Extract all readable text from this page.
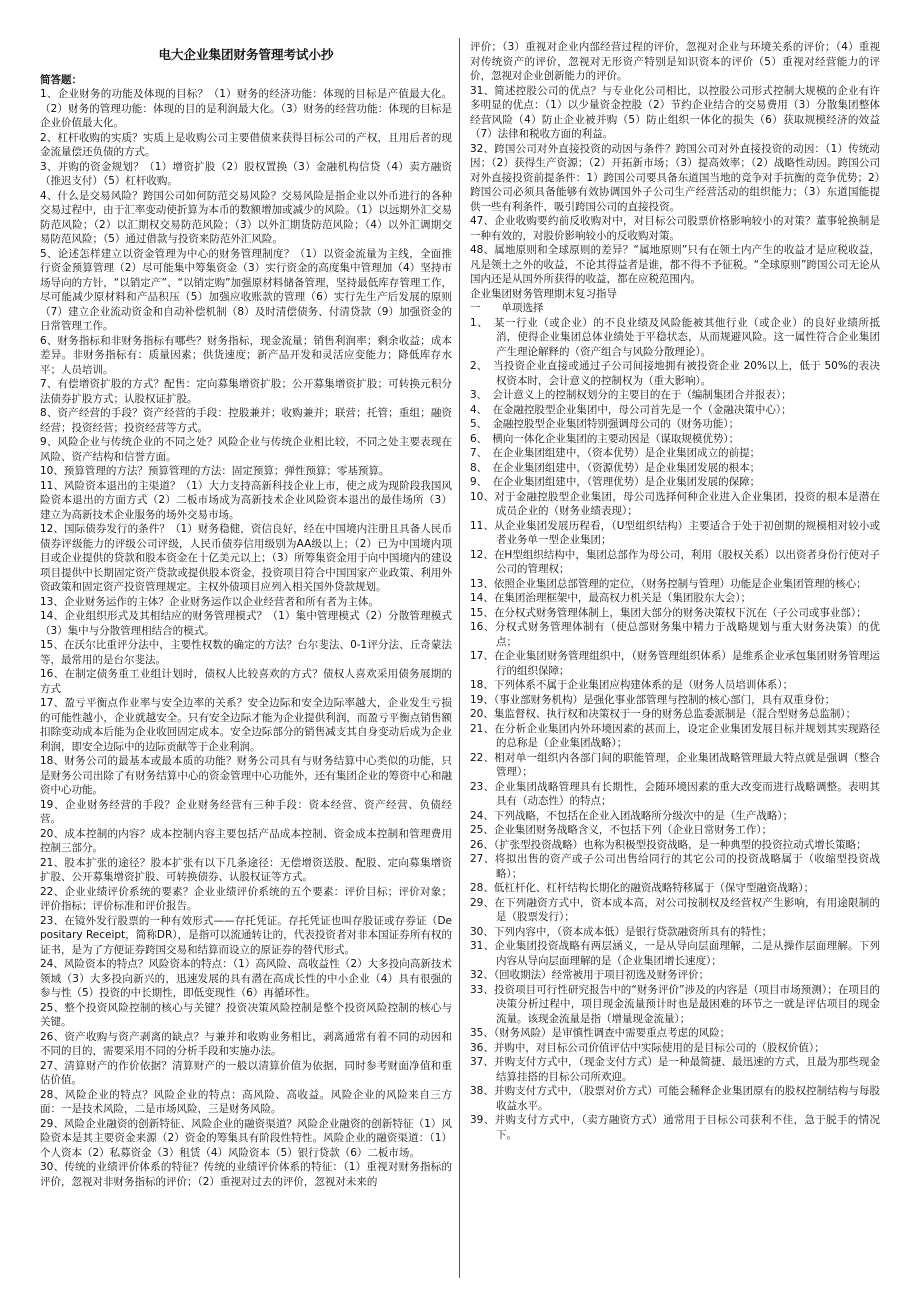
电大企业集团财务管理考试小抄
简答题：
1、企业财务的功能及体现的目标？（1）财务的经济功能：体现的目标是产值最大化。（2）财务的管理功能：体现的目的是利润最大化。（3）财务的经营功能：体现的目标是企业价值最大化。
2、杠杆收购的实质？实质上是收购公司主要借债来获得目标公司的产权，且用后者的现金流量偿还负债的方式。
3、并购的资金规划？（1）增资扩股（2）股权置换（3）金融机构信贷（4）卖方融资（推迟支付）（5）杠杆收购。
4、什么是交易风险？跨国公司如何防范交易风险？交易风险是指企业以外币进行的各种交易过程中，由于汇率变动使折算为本币的数额增加或减少的风险。（1）以远期外汇交易防范风险；（2）以汇期权交易防范风险；（3）以外汇期货防范风险；（4）以外汇调期交易防范风险；（5）通过借款与投资来防范外汇风险。
5、论述怎样建立以资金管理为中心的财务管理制度？（1）以资金流量为主线，全面推行资金预算管理（2）尽可能集中筹集资金（3）实行资金的高度集中管理加（4）坚持市场导向的方针，“以销定产”、“以销定购”加强原材料储备管理，坚持最低库存管理工作，尽可能减少原材料和产品积压（5）加强应收账款的管理（6）实行先生产后发展的原则（7）建立企业流动资金和自动补偿机制（8）及时清偿债务、付清贷款（9）加强资金的日常管理工作。
6、财务指标和非财务指标有哪些？财务指标，现金流量；销售利润率；剩余收益；成本差异。非财务指标有：质量因素；供货速度；新产品开发和灵活应变能力；降低库存水平；人员培训。
7、有偿增资扩股的方式？配售：定向募集增资扩股；公开募集增资扩股；可转换元积分法债券扩股方式；认股权证扩股。
8、资产经营的手段？资产经营的手段：控股兼并；收购兼并；联营；托管；重组；融资经营；投资经营；投资经营等方式。
9、风险企业与传统企业的不同之处？风险企业与传统企业相比较，不同之处主要表现在风险、资产结构和信誉方面。
10、预算管理的方法？预算管理的方法：固定预算；弹性预算；零基预算。
11、风险资本退出的主渠道？（1）大力支持高新科技企业上市，使之成为现阶段我国风险资本退出的方面方式（2）二板市场成为高新技术企业风险资本退出的最佳场所（3）建立为高新技术企业服务的场外交易市场。
12、国际债券发行的条件？（1）财务稳健，资信良好，经在中国境内注册且具备人民币债券评级能力的评级公司评级，人民币债券信用级别为AA级以上；（2）已为中国境内项目或企业提供的贷款和股本资金在十亿美元以上；（3）所筹集资金用于向中国境内的建设项目提供中长期固定资产贷款或提供股本资金，投资项目符合中国国家产业政策、利用外资政策和固定资产投资管理规定。主权外债项目应列入相关国外贷款规划。
13、企业财务运作的主体？企业财务运作以企业经营者和所有者为主体。
14、企业组织形式及其相结应的财务管理模式？（1）集中管理模式（2）分散管理模式（3）集中与分散管理相结合的模式。
15、在沃尔比重评分法中，主要性权数的确定的方法？台尔斐法、0-1评分法、丘奇蒙法等，最常用的是台尔斐法。
16、在制定债务重工业组计划时，债权人比较喜欢的方式？债权人喜欢采用债务展期的方式
17、盈亏平衡点作业率与安全边率的关系？安全边际和安全边际率越大，企业发生亏损的可能性越小，企业就越安全。只有安全边际才能为企业提供利润，而盈亏平衡点销售额扣除变动成本后能为企业收回固定成本。安全边际部分的销售减支其自身变动后成为企业利润，即安全边际中的边际贡献等于企业利润。
18、财务公司的最基本或最本质的功能？财务公司具有与财务结算中心类似的功能，只是财务公司出除了有财务结算中心的资金管理中心功能外，还有集团企业的筹资中心和融资中心功能。
19、企业财务经营的手段？企业财务经营有三种手段：资本经营、资产经营、负债经营。
20、成本控制的内容？成本控制内容主要包括产品成本控制、资金成本控制和管理费用控制三部分。
21、股本扩张的途径？股本扩张有以下几条途径：无偿增资送股、配股、定向募集增资扩股、公开募集增资扩股、可转换债券、认股权证等方式。
22、企业业绩评价系统的要素？企业业绩评价系统的五个要素：评价目标；评价对象；评价指标；评价标准和评价报告。
23、在镜外发行股票的一种有效形式——存托凭证。存托凭证也叫存股证或存券证（Depositary Receipt，简称DR），是指可以流通转让的，代表投资者对非本国证券所有权的证书，是为了方便证券跨国交易和结算而设立的原证券的替代形式。
24、风险资本的特点？风险资本的特点：（1）高风险、高收益性（2）大多投向高新技术领域（3）大多投向新兴的，迅速发展的具有潜在高成长性的中小企业（4）具有很强的参与性（5）投资的中长期性，即低变现性（6）再循环性。
25、整个投资风险控制的核心与关键？投资决策风险控制是整个投资风险控制的核心与关键。
26、资产收购与资产剥离的缺点？与兼并和收购业务相比，剥离通常有着不同的动因和不同的目的，需要采用不同的分析手段和实施办法。
27、清算财产的作价依据？清算财产的一般以清算价值为依据，同时参考财面净值和重估价值。
28、风险企业的特点？风险企业的特点：高风险、高收益。风险企业的风险来自三方面：一是技术风险，二是市场风险，三是财务风险。
29、风险企业融资的创新特征、风险企业的融资渠道？风险企业融资的创新特征（1）风险资本是其主要资金来源（2）资金的筹集具有阶段性特性。风险企业的融资渠道：（1）个人资本（2）私募资金（3）租赁（4）风险资本（5）银行贷款（6）二板市场。
30、传统的业绩评价体系的特征？传统的业绩评价体系的特征：（1）重视对财务指标的评价，忽视对非财务指标的评价；（2）重视对过去的评价，忽视对未来的
评价；（3）重视对企业内部经营过程的评价，忽视对企业与环境关系的评价；（4）重视对传统资产的评价，忽视对无形资产特别是知识资本的评价（5）重视对经营能力的评价，忽视对企业创新能力的评价。
31、简述控股公司的优点？与专业化公司相比，以控股公司形式控制大规模的企业有许多明显的优点：（1）以少量资金控股（2）节约企业结合的交易费用（3）分散集团整体经营风险（4）防止企业被并购（5）防止组织一体化的损失（6）获取规模经济的效益（7）法律和税收方面的利益。
32、跨国公司对外直接投资的动因与条件？跨国公司对外直接投资的动因：（1）传统动因；（2）获得生产资源；（2）开拓新市场；（3）提高效率；（2）战略性动因。跨国公司对外直接投资前提条件：1）跨国公司要具备东道国当地的竞争对手抗衡的竞争优势；2）跨国公司必须具备能够有效协调国外子公司生产经营活动的组织能力；（3）东道国能提供一些有利条件，吸引跨国公司的直接投资。
47、企业收购要约前反收购对中，对目标公司股票价格影响较小的对策？董事轮换制是一种有效的，对股价影响较小的反收购对策。
48、属地原则和全球原则的差异？“属地原则”只有在领土内产生的收益才是应税收益，凡是领土之外的收益，不论其得益者是谁，都不得不予征税。“全球原则”跨国公司无论从国内还是从国外所获得的收益，都在应税范围内。
企业集团财务管理期末复习指导
一　　单项选择
1、　某一行业（或企业）的不良业绩及风险能被其他行业（或企业）的良好业绩所抵消，使得企业集团总体业绩处于平稳状态，从而规避风险。这一属性符合企业集团产生理论解释的（资产组合与风险分散理论）。
2、　当投资企业直接或通过子公司间接地拥有被投资企业 20%以上，低于 50%的表决权资本时，会计意义的控制权为（重大影响）。
3、　会计意义上的控制权划分的主要目的在于（编制集团合并报表）；
4、　在金融控股型企业集团中，母公司首先是一个（金融决策中心）；
5、　金融控股型企业集团特别强调母公司的（财务功能）；
6、　横向一体化企业集团的主要动因是（谋取规模优势）；
7、　在企业集团组建中，（资本优势）是企业集团成立的前提；
8、　在企业集团组建中，（资源优势）是企业集团发展的根本；
9、　在企业集团组建中，（管理优势）是企业集团发展的保障；
10、对于金融控股型企业集团，母公司选择何种企业进入企业集团，投资的根本是潜在成员企业的（财务业绩表现）；
11、从企业集团发展历程看，（U型组织结构）主要适合于处于初创期的规模相对较小或者业务单一型企业集团；
12、在H型组织结构中，集团总部作为母公司，利用（股权关系）以出资者身份行使对子公司的管理权；
13、依照企业集团总部管理的定位，（财务控制与管理）功能是企业集团管理的核心；
14、在集团治理框架中，最高权力机关是（集团股东大会）；
15、在分权式财务管理体制上，集团大部分的财务决策权下沉在（子公司或事业部）；
16、分权式财务管理体制有（使总部财务集中精力于战略规划与重大财务决策）的优点；
17、在企业集团财务管理组织中，（财务管理组织体系）是维系企业承包集团财务管理运行的组织保障；
18、下列体系不属于企业集团应构建体系的是（财务人员培训体系）；
19、（事业部财务机构）是强化事业部管理与控制的核心部门，具有双重身份；
20、集监督权、执行权和决策权于一身的财务总监委派制是（混合型财务总监制）；
21、在分析企业集团内外环境因素的甚而上，设定企业集团发展目标并规划其实现路径的总称是（企业集团战略）；
22、相对单一组织内各部门间的职能管理，企业集团战略管理最大特点就是强调（整合管理）；
23、企业集团战略管理具有长期性，会随环境因素的重大改变而进行战略调整。表明其具有（动态性）的特点；
24、下列战略，不包括在企业入团战略所分级次中的是（生产战略）；
25、企业集团财务战略含义，不包括下列（企业日常财务工作）；
26、（扩张型投资战略）也称为积极型投资战略，是一种典型的投资拉动式增长策略；
27、将拟出售的资产或子公司出售给同行的其它公司的投资战略属于（收缩型投资战略）；
28、低杠杆化、杠杆结构长期化的融资战略特移属于（保守型融资战略）；
29、在下列融资方式中，资本成本高，对公司按制权及经营权产生影响，有用途限制的是（股票发行）；
30、下列内容中，（资本成本低）是银行贷款融资所具有的特性；
31、企业集团投资战略有两层涵义，一是从导向层面理解，二是从操作层面理解。下列内容从导向层面理解的是（企业集团增长速度）；
32、（回收期法）经常被用于项目初选及财务评价；
33、投资项目可行性研究报告中的“财务评价”涉及的内容是（项目市场预测）；在项目的决策分析过程中，项目现金流量预计时也是最困难的环节之一就是评估项目的现金流量。该现金流量是指（增量现金流量）；
35、（财务风险）是审慎性调查中需要重点考虑的风险；
36、并购中，对目标公司价值评估中实际使用的是目标公司的（股权价值）；
37、并购支付方式中，（现金支付方式）是一种最简捷、最迅速的方式，且最为那些现金结算挂搭的目标公司所欢迎。
38、并购支付方式中，（股票对价方式）可能会稀释企业集团原有的股权控制结构与每股收益水平。
39、并购支付方式中，（卖方融资方式）通常用于目标公司获利不佳，急于脱手的情况下。
